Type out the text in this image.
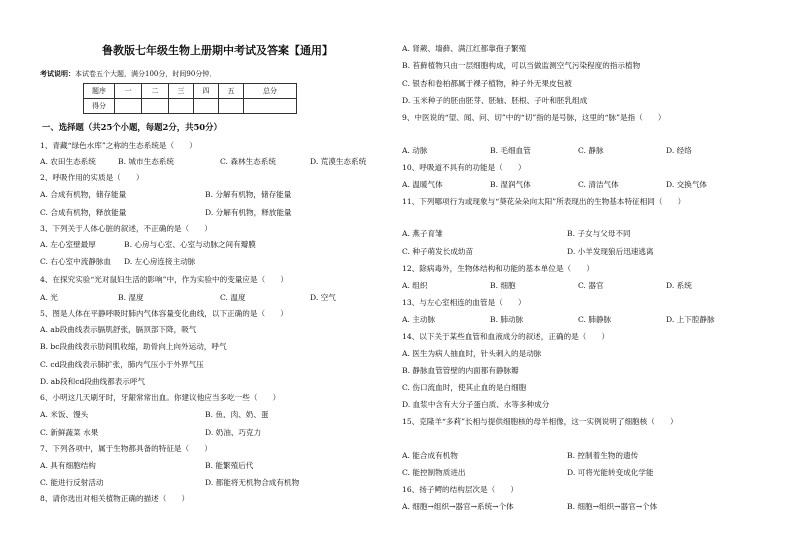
鲁教版七年级生物上册期中考试及答案【通用】
考试说明：本试卷五个大题，满分100分，时间90分钟．
题序	一	二	三	四	五	总分
得分						
一、选择题（共25个小题，每题2分，共50分）
1、青藏“绿色水库”之称的生态系统是（　　）
A. 农田生态系统	B. 城市生态系统	C. 森林生态系统	D. 荒漠生态系统
2、呼吸作用的实质是（　　）
A. 合成有机物，储存能量	B. 分解有机物，储存能量
C. 合成有机物，释放能量	D. 分解有机物，释放能量
3、下列关于人体心脏的叙述，不正确的是（　　）
A. 左心室壁最厚	B. 心房与心室、心室与动脉之间有瓣膜
C. 右心室中流静脉血 D. 左心房连接主动脉
4、在探究实验“光对鼠妇生活的影响”中，作为实验中的变量应是（　　）
A. 光	B. 湿度	C. 温度	D. 空气
5、图是人体在平静呼吸时肺内气体容量变化曲线，以下正确的是（　　）
A. ab段曲线表示膈肌舒张，膈顶部下降，吸气
B. bc段曲线表示肋间肌收缩，助骨向上向外运动，呼气
C. cd段曲线表示肺扩张，肺内气压小于外界气压
D. ab段和cd段曲线都表示呼气
6、小明这几天刷牙时，牙龈常常出血。你建议他应当多吃一些（　　）
A. 米饭、馒头	B. 鱼、肉、奶、蛋
C. 新鲜蔬菜 水果	D. 奶油、巧克力
7、下列各项中，属于生物都具备的特征是（　　）
A. 具有细胞结构	B. 能繁殖后代
C. 能进行反射活动	D. 都能将无机物合成有机物
8、请你选出对相关植物正确的描述（　　）
A. 肾蕨、墙藓、满江红都靠孢子繁殖
B. 苔藓植物只由一层细胞构成，可以当做监测空气污染程度的指示植物
C. 银杏和卷柏都属于裸子植物，种子外无果皮包被
D. 玉米种子的胚由胚芽、胚轴、胚根、子叶和胚乳组成
9、中医说的“望、闻、问、切”中的“切”指的是号脉，这里的“脉”是指（　　）
A. 动脉	B. 毛细血管	C. 静脉	D. 经络
10、呼吸道不具有的功能是（　　）
A. 温暖气体	B. 湿润气体	C. 清洁气体	D. 交换气体
11、下列哪项行为或现象与“葵花朵朵向太阳”所表现出的生物基本特征相同（　　）
A. 燕子育雏	B. 子女与父母不同
C. 种子萌发长成幼苗	D. 小羊发现狼后迅速逃离
12、除病毒外，生物体结构和功能的基本单位是（　　）
A. 组织	B. 细胞	C. 器官	D. 系统
13、与左心室相连的血管是（　　）
A. 主动脉	B. 肺动脉	C. 肺静脉	D. 上下腔静脉
14、以下关于某些血管和血液成分的叙述，正确的是（　　）
A. 医生为病人抽血时，针头刺入的是动脉
B. 静脉血管管壁的内面都有静脉瓣
C. 伤口流血时，使其止血的是白细胞
D. 血浆中含有大分子蛋白质、水等多种成分
15、克隆羊“多莉”长相与提供细胞核的母羊相像，这一实例说明了细胞核（　　）
A. 能合成有机物	B. 控制着生物的遗传
C. 能控制物质进出	D. 可将光能转变成化学能
16、扬子鳄的结构层次是（　　）
A. 细胞→组织→器官→系统→个体	B. 细胞→组织→器官→个体
